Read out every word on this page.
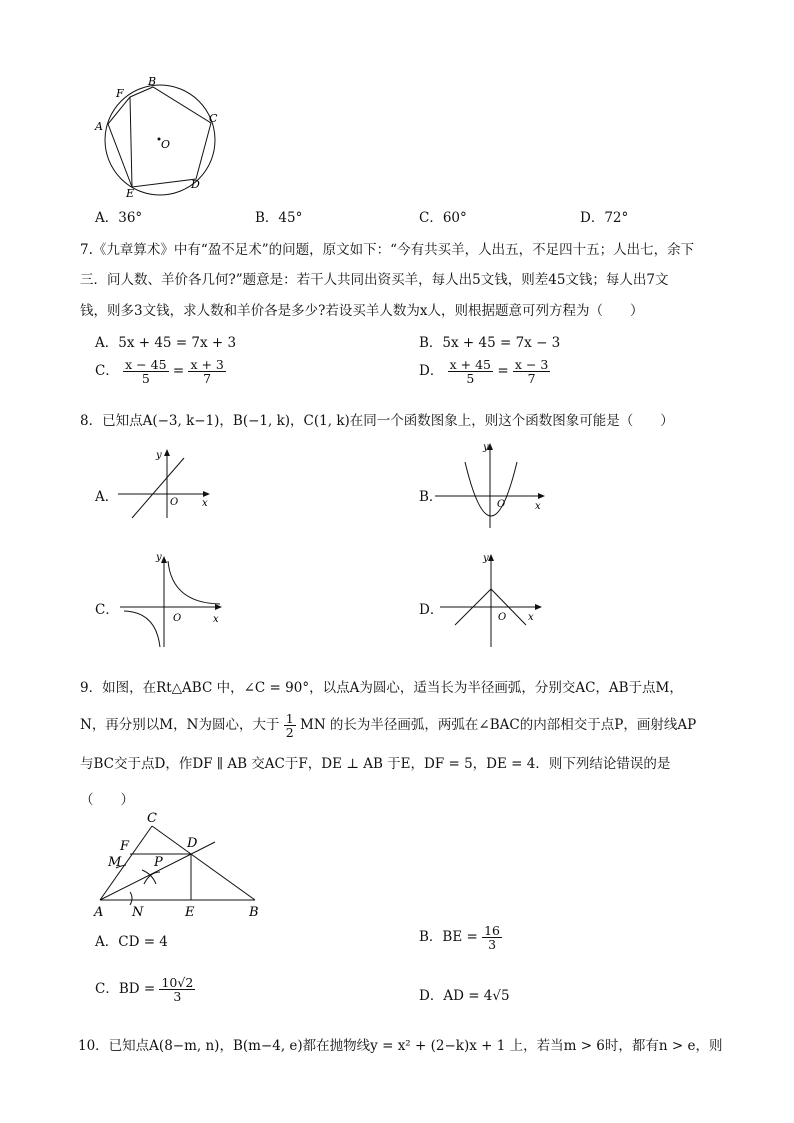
B
F
A
C
O
E
D
A．36°	B．45°	C．60°	D．72°
7.《九章算术》中有“盈不足术”的问题，原文如下：“今有共买羊，人出五，不足四十五；人出七，余下
三．问人数、羊价各几何?”题意是：若干人共同出资买羊，每人出5文钱，则差45文钱；每人出7文
钱，则多3文钱，求人数和羊价各是多少?若设买羊人数为x人，则根据题意可列方程为（　　）
A．5x + 45 = 7x + 3	B．5x + 45 = 7x − 3
C． $\frac{x - 45}{5} = \frac{x + 3}{7}$	D． $\frac{x + 45}{5} = \frac{x - 3}{7}$
8．已知点A(−3, k−1)，B(−1, k)，C(1, k)在同一个函数图象上，则这个函数图象可能是（　　）
A．
y
x
O	B．
y
x
O
C．
y
x
O
D．
y
x
O
9．如图，在Rt△ABC 中，∠C = 90°，以点A为圆心，适当长为半径画弧，分别交AC，AB于点M，
N，再分别以M，N为圆心，大于 $\frac{1}{2}$ MN 的长为半径画弧，两弧在∠BAC的内部相交于点P，画射线AP
与BC交于点D，作DF ∥ AB 交AC于F，DE ⊥ AB 于E，DF = 5，DE = 4．则下列结论错误的是
（　　）
C
F	D
M	P
A N	E	B
A．CD = 4	B．BE = $\frac{16}{3}$
C．BD = $\frac{10√2}{3}$	D．AD = 4√5
10．已知点A(8−m, n)，B(m−4, e)都在抛物线y = x² + (2−k)x + 1 上，若当m > 6时，都有n > e，则
